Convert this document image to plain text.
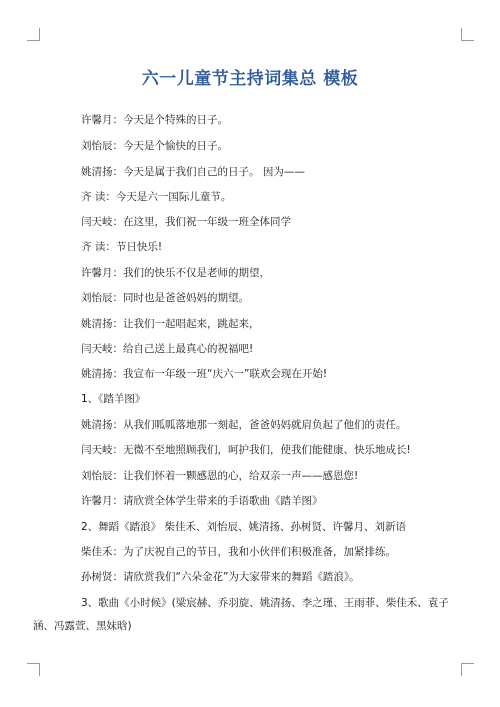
六一儿童节主持词集总 模板
许馨月：今天是个特殊的日子。
刘怡辰：今天是个愉快的日子。
姚清扬：今天是属于我们自己的日子。 因为——
齐 读：今天是六一国际儿童节。
闫天岐：在这里，我们祝一年级一班全体同学
齐 读：节日快乐!
许馨月：我们的快乐不仅是老师的期望，
刘怡辰：同时也是爸爸妈妈的期望。
姚清扬：让我们一起唱起来，跳起来，
闫天岐：给自己送上最真心的祝福吧!
姚清扬：我宣布一年级一班“庆六一”联欢会现在开始!
1、《踏羊图》
姚清扬：从我们呱呱落地那一刻起，爸爸妈妈就肩负起了他们的责任。
闫天岐：无微不至地照顾我们，呵护我们，使我们能健康、快乐地成长!
刘怡辰：让我们怀着一颗感恩的心，给双亲一声——感恩您!
许馨月：请欣赏全体学生带来的手语歌曲《踏羊图》
2、舞蹈《踏浪》 柴佳禾、刘怡辰、姚清扬、孙树贤、许馨月、刘新语
柴佳禾：为了庆祝自己的节日，我和小伙伴们积极准备，加紧排练。
孙树贤：请欣赏我们“六朵金花”为大家带来的舞蹈《踏浪》。
3、歌曲《小时候》(梁宸赫、乔羽旋、姚清扬、李之瑾、王雨菲、柴佳禾、袁子
涵、冯露萱、黑妹晗)
